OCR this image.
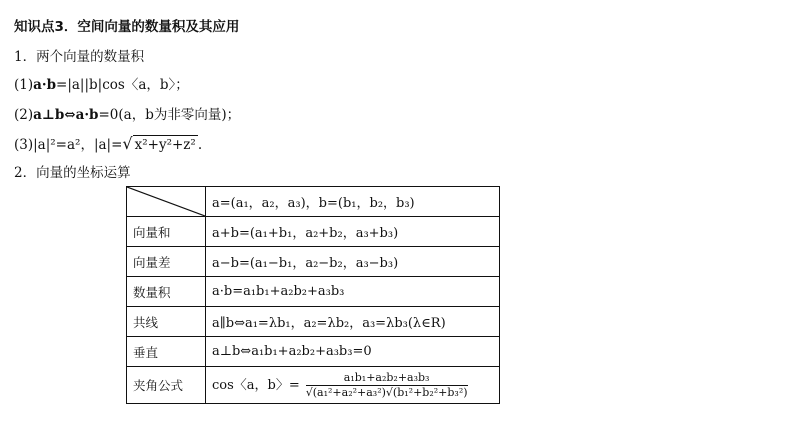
知识点3．空间向量的数量积及其应用
1．两个向量的数量积
(1)a·b=|a||b|cos〈a，b〉；
(2)a⊥b⇔a·b=0(a，b为非零向量)；
(3)|a|²=a²，|a|=√ x²+y²+z² .
2．向量的坐标运算
	a=(a₁，a₂，a₃)，b=(b₁，b₂，b₃)
向量和	a+b=(a₁+b₁，a₂+b₂，a₃+b₃)
向量差	a−b=(a₁−b₁，a₂−b₂，a₃−b₃)
数量积	a·b=a₁b₁+a₂b₂+a₃b₃
共线	a∥b⇔a₁=λb₁，a₂=λb₂，a₃=λb₃(λ∈R)
垂直	a⊥b⇔a₁b₁+a₂b₂+a₃b₃=0
夹角公式	cos〈a，b〉= $\frac{\text{a₁b₁+a₂b₂+a₃b₃}}{\text{√(a₁²+a₂²+a₃²)√(b₁²+b₂²+b₃²)}}$
